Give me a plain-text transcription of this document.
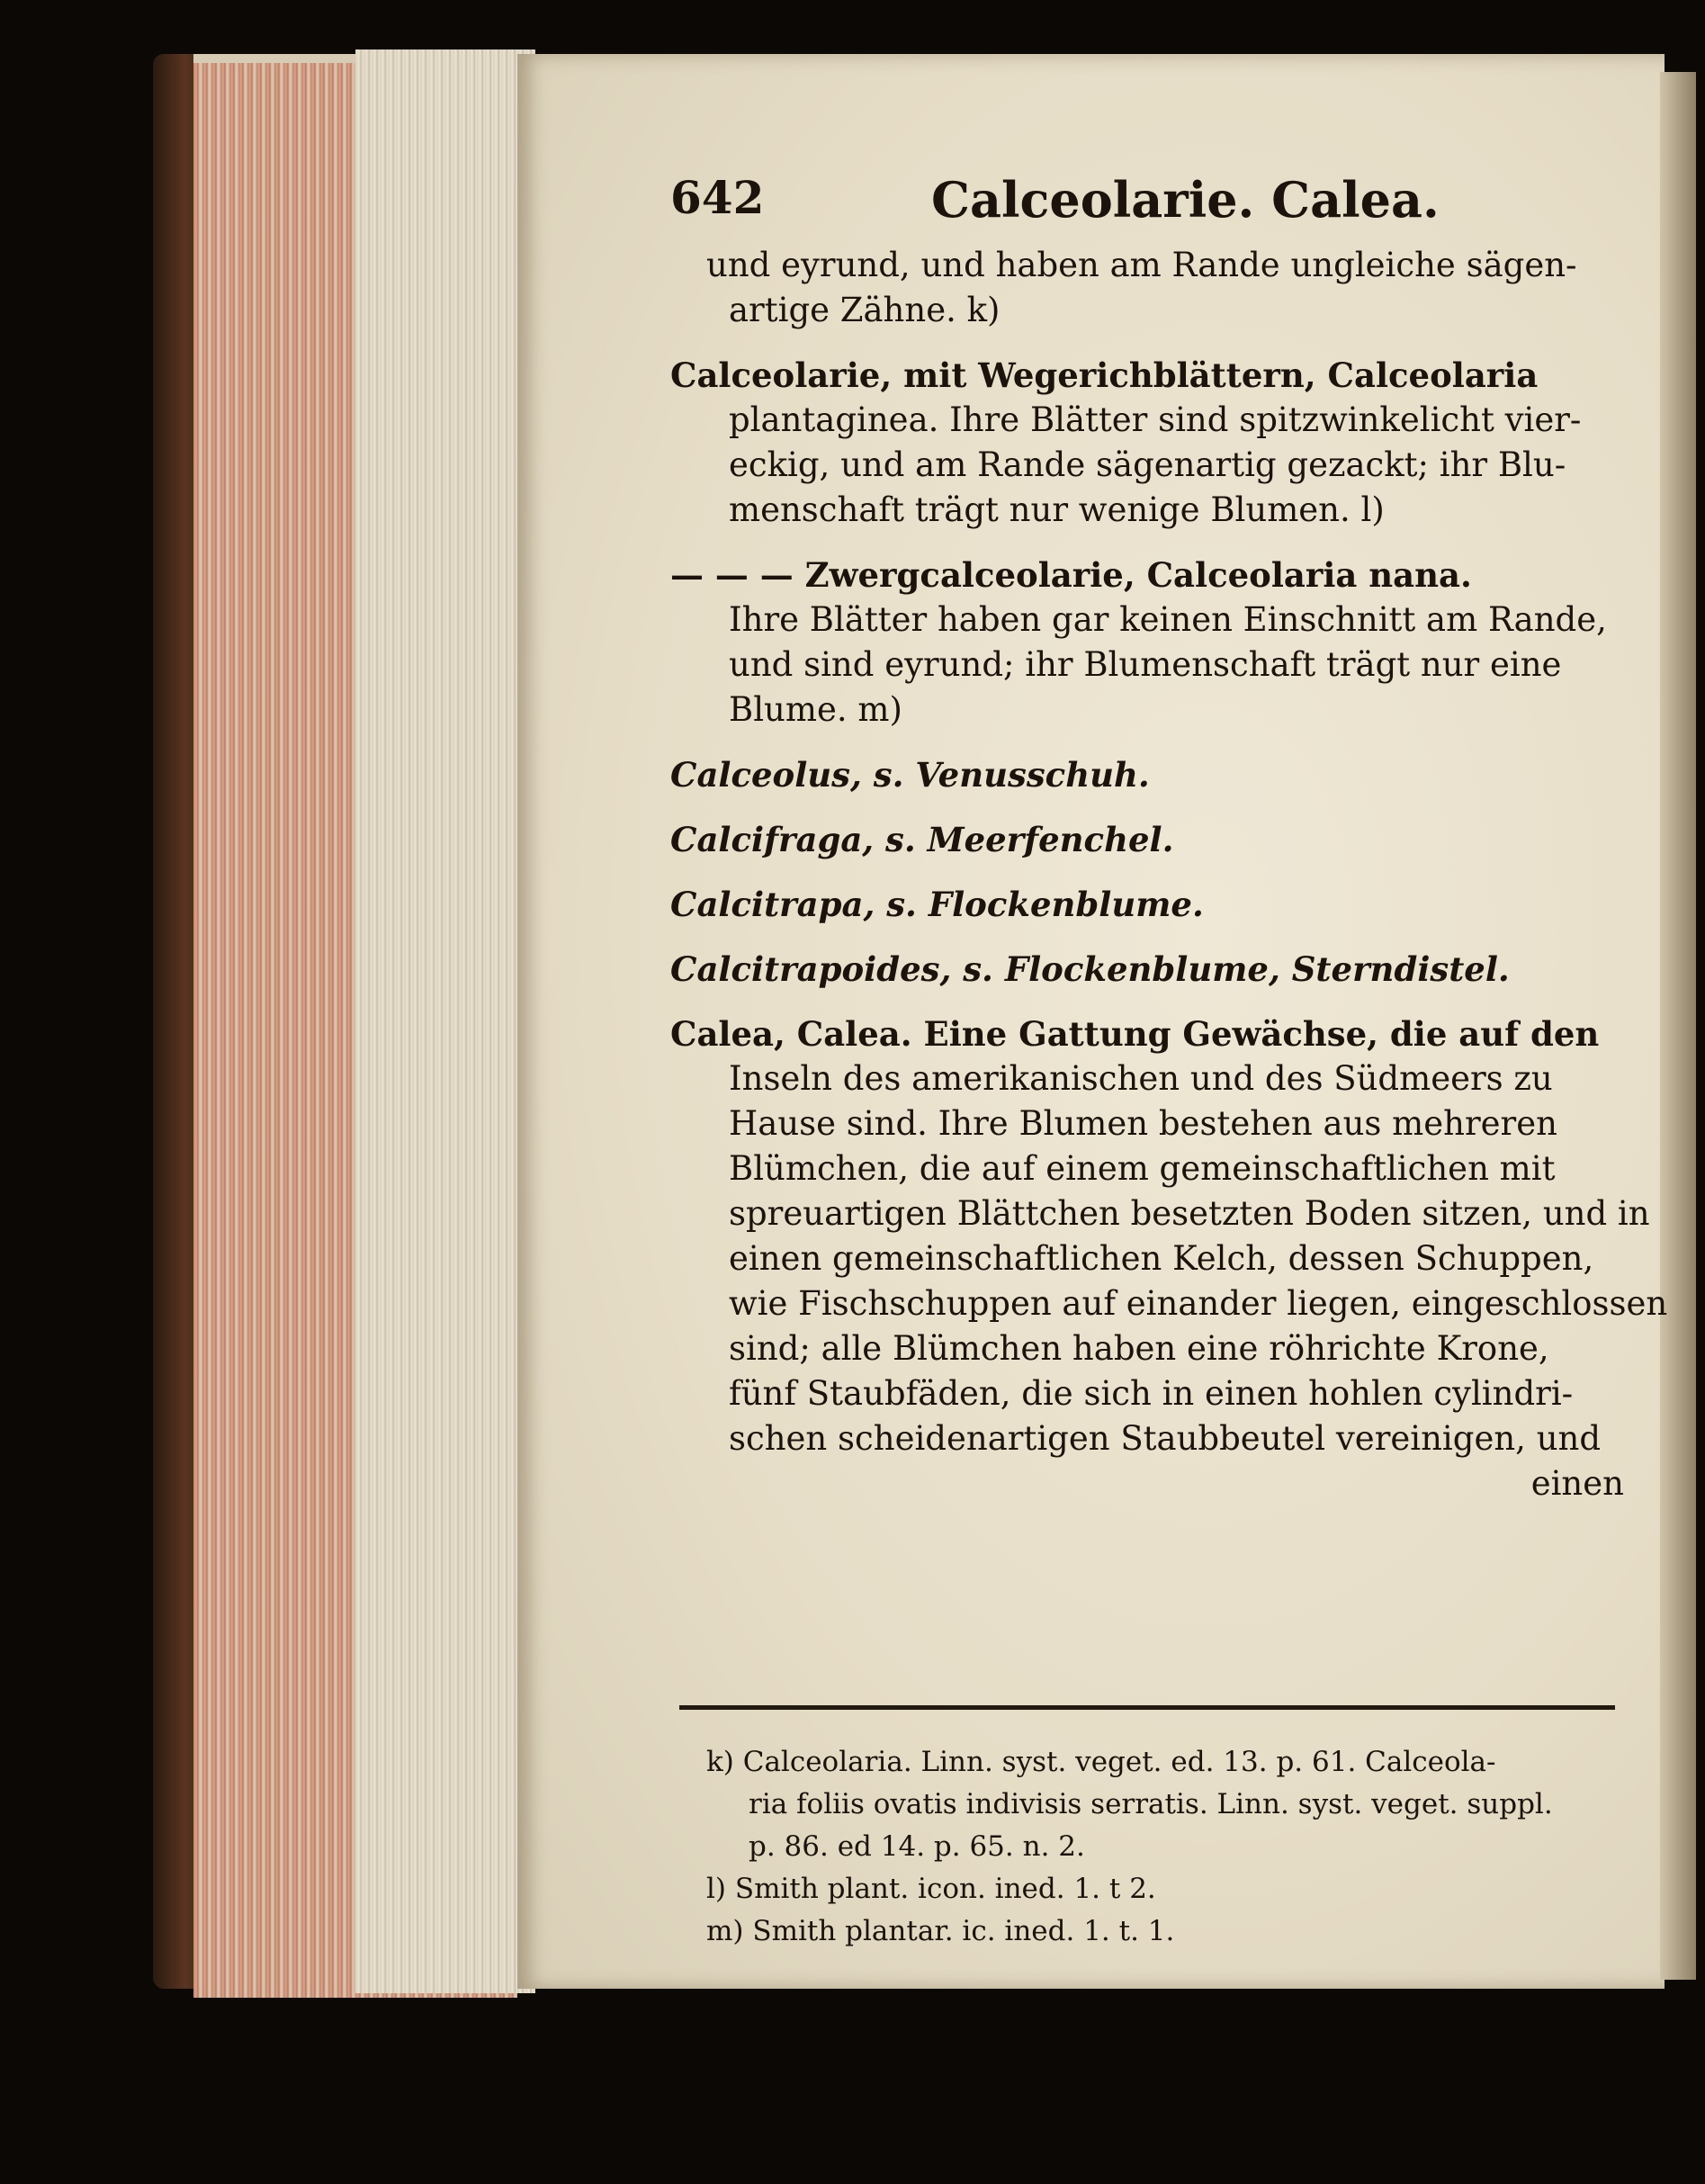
642	Calceolarie. Calea.
und eyrund, und haben am Rande ungleiche sägen-
artige Zähne. k)
Calceolarie, mit Wegerichblättern, Calceolaria
plantaginea. Ihre Blätter sind spitzwinkelicht vier-
eckig, und am Rande sägenartig gezackt; ihr Blu-
menschaft trägt nur wenige Blumen. l)
— — — Zwergcalceolarie, Calceolaria nana.
Ihre Blätter haben gar keinen Einschnitt am Rande,
und sind eyrund; ihr Blumenschaft trägt nur eine
Blume. m)
Calceolus, s. Venusschuh.
Calcifraga, s. Meerfenchel.
Calcitrapa, s. Flockenblume.
Calcitrapoides, s. Flockenblume, Sterndistel.
Calea, Calea. Eine Gattung Gewächse, die auf den
Inseln des amerikanischen und des Südmeers zu
Hause sind. Ihre Blumen bestehen aus mehreren
Blümchen, die auf einem gemeinschaftlichen mit
spreuartigen Blättchen besetzten Boden sitzen, und in
einen gemeinschaftlichen Kelch, dessen Schuppen,
wie Fischschuppen auf einander liegen, eingeschlossen
sind; alle Blümchen haben eine röhrichte Krone,
fünf Staubfäden, die sich in einen hohlen cylindri-
schen scheidenartigen Staubbeutel vereinigen, und
einen
k) Calceolaria. Linn. syst. veget. ed. 13. p. 61. Calceola-
ria foliis ovatis indivisis serratis. Linn. syst. veget. suppl.
p. 86. ed 14. p. 65. n. 2.
l) Smith plant. icon. ined. 1. t 2.
m) Smith plantar. ic. ined. 1. t. 1.
